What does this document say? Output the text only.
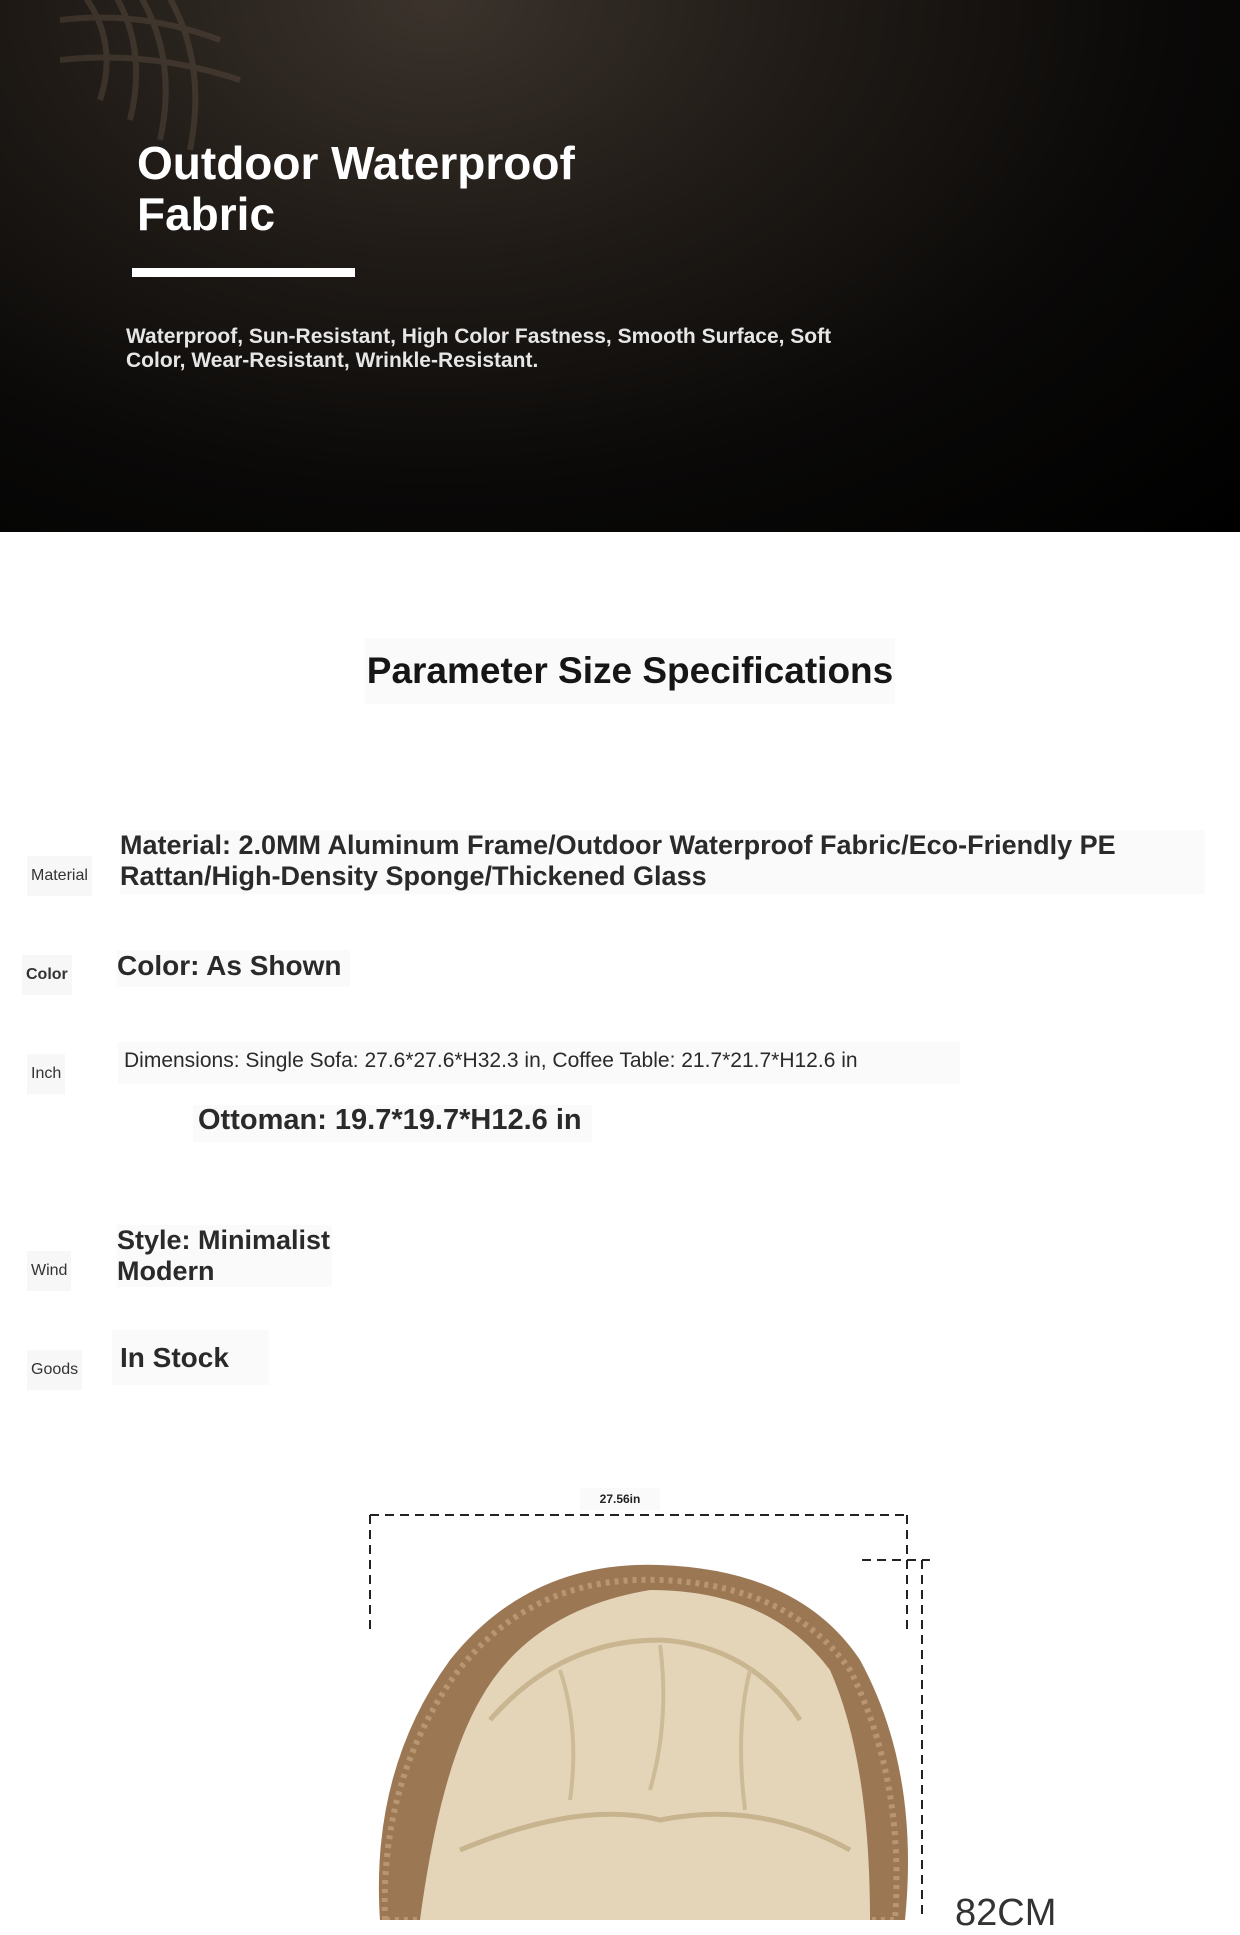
Outdoor Waterproof Fabric

Waterproof, Sun-Resistant, High Color Fastness, Smooth Surface, Soft Color, Wear-Resistant, Wrinkle-Resistant.

Parameter Size Specifications
Material

Material: 2.0MM Aluminum Frame/Outdoor Waterproof Fabric/Eco-Friendly PE Rattan/High-Density Sponge/Thickened Glass

Color Color: As Shown

Inch

Dimensions: Single Sofa: 27.6*27.6*H32.3 in, Coffee Table: 21.7*21.7*H12.6 in

Ottoman: 19.7*19.7*H12.6 in

Wind

Style: Minimalist Modern

Goods In Stock

27.56in
82CM
